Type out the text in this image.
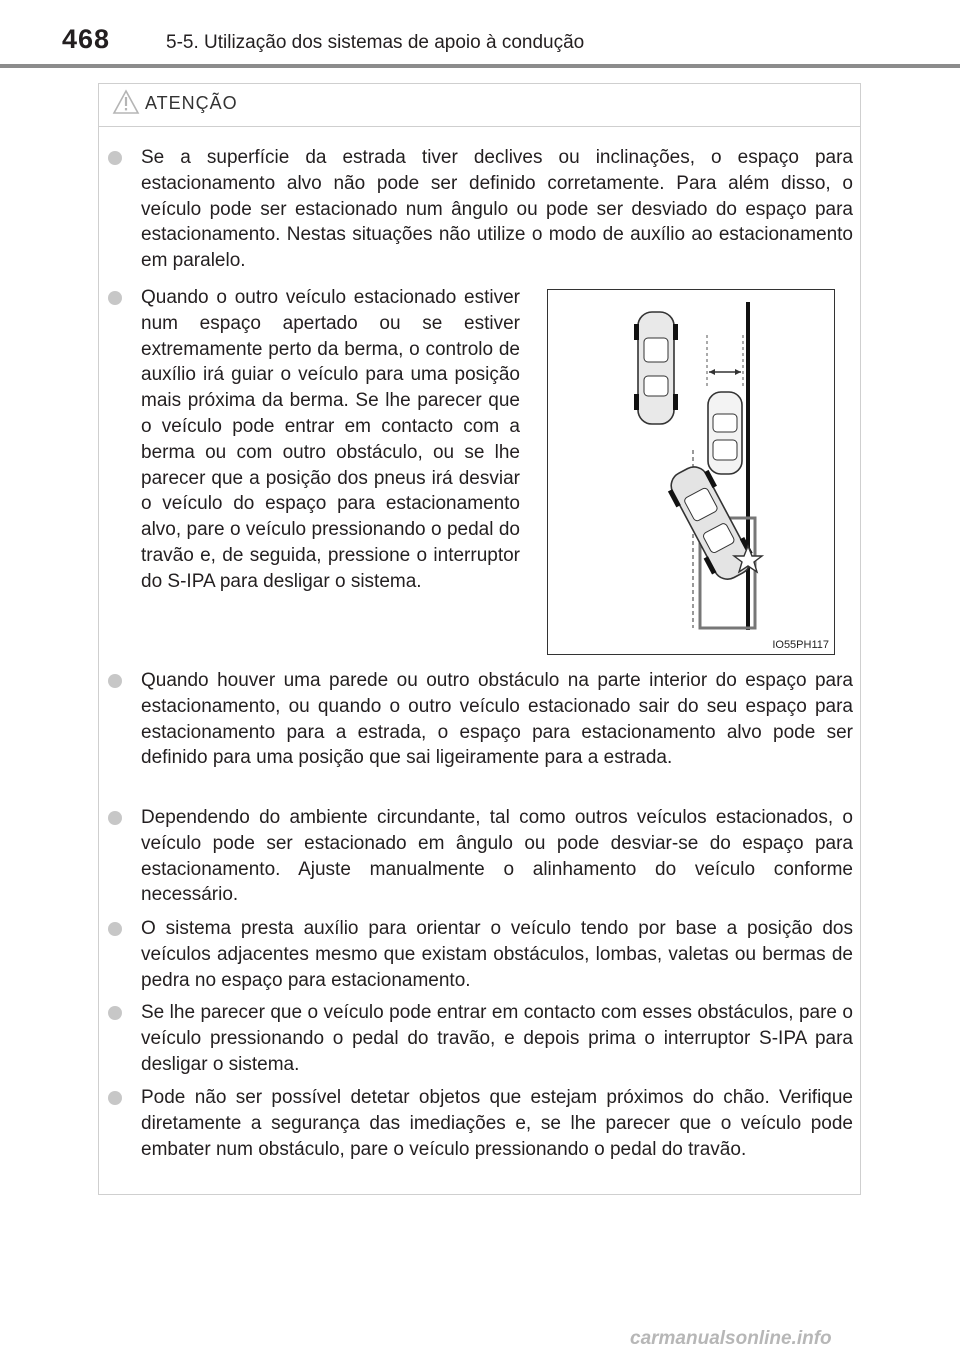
468	5-5. Utilização dos sistemas de apoio à condução
ATENÇÃO
Se a superfície da estrada tiver declives ou inclinações, o espaço para estacionamento alvo não pode ser definido corretamente. Para além disso, o veículo pode ser estacionado num ângulo ou pode ser desviado do espaço para estacionamento. Nestas situações não utilize o modo de auxílio ao estacionamento em paralelo.
Quando o outro veículo estacionado estiver num espaço apertado ou se estiver extremamente perto da berma, o controlo de auxílio irá guiar o veículo para uma posição mais próxima da berma. Se lhe parecer que o veículo pode entrar em contacto com a berma ou com outro obstáculo, ou se lhe parecer que a posição dos pneus irá desviar o veículo do espaço para estacionamento alvo, pare o veículo pressionando o pedal do travão e, de seguida, pressione o interruptor do S-IPA para desligar o sistema.
IO55PH117
Quando houver uma parede ou outro obstáculo na parte interior do espaço para estacionamento, ou quando o outro veículo estacionado sair do seu espaço para estacionamento para a estrada, o espaço para estacionamento alvo pode ser definido para uma posição que sai ligeiramente para a estrada.
Dependendo do ambiente circundante, tal como outros veículos estacionados, o veículo pode ser estacionado em ângulo ou pode desviar-se do espaço para estacionamento. Ajuste manualmente o alinhamento do veículo conforme necessário.
O sistema presta auxílio para orientar o veículo tendo por base a posição dos veículos adjacentes mesmo que existam obstáculos, lombas, valetas ou bermas de pedra no espaço para estacionamento.
Se lhe parecer que o veículo pode entrar em contacto com esses obstáculos, pare o veículo pressionando o pedal do travão, e depois prima o interruptor S-IPA para desligar o sistema.
Pode não ser possível detetar objetos que estejam próximos do chão. Verifique diretamente a segurança das imediações e, se lhe parecer que o veículo pode embater num obstáculo, pare o veículo pressionando o pedal do travão.
carmanualsonline.info
